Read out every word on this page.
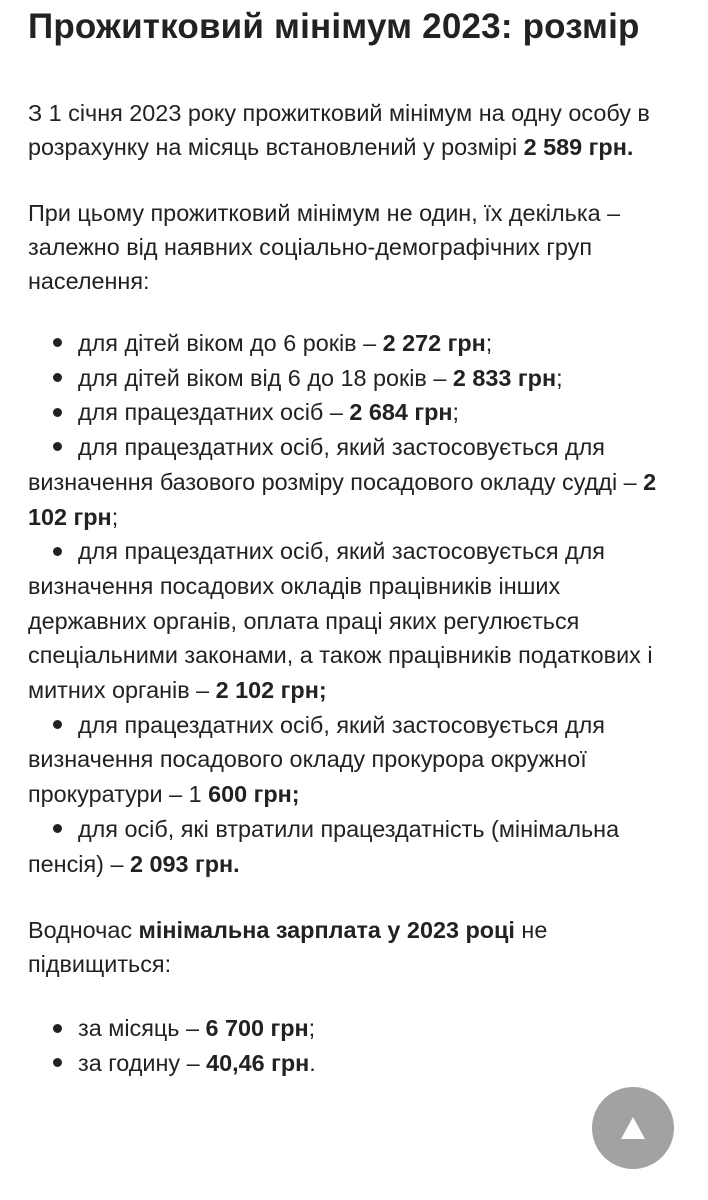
Прожитковий мінімум 2023: розмір

З 1 січня 2023 року прожитковий мінімум на одну особу в розрахунку на місяць встановлений у розмірі 2 589 грн.

При цьому прожитковий мінімум не один, їх декілька – залежно від наявних соціально-демографічних груп населення:

для дітей віком до 6 років – 2 272 грн;
для дітей віком від 6 до 18 років – 2 833 грн;
для працездатних осіб – 2 684 грн;
для працездатних осіб, який застосовується для визначення базового розміру посадового окладу судді – 2 102 грн;
для працездатних осіб, який застосовується для визначення посадових окладів працівників інших державних органів, оплата праці яких регулюється спеціальними законами, а також працівників податкових і митних органів – 2 102 грн;
для працездатних осіб, який застосовується для визначення посадового окладу прокурора окружної прокуратури – 1 600 грн;
для осіб, які втратили працездатність (мінімальна пенсія) – 2 093 грн.

Водночас мінімальна зарплата у 2023 році не підвищиться:

за місяць – 6 700 грн;
за годину – 40,46 грн.
